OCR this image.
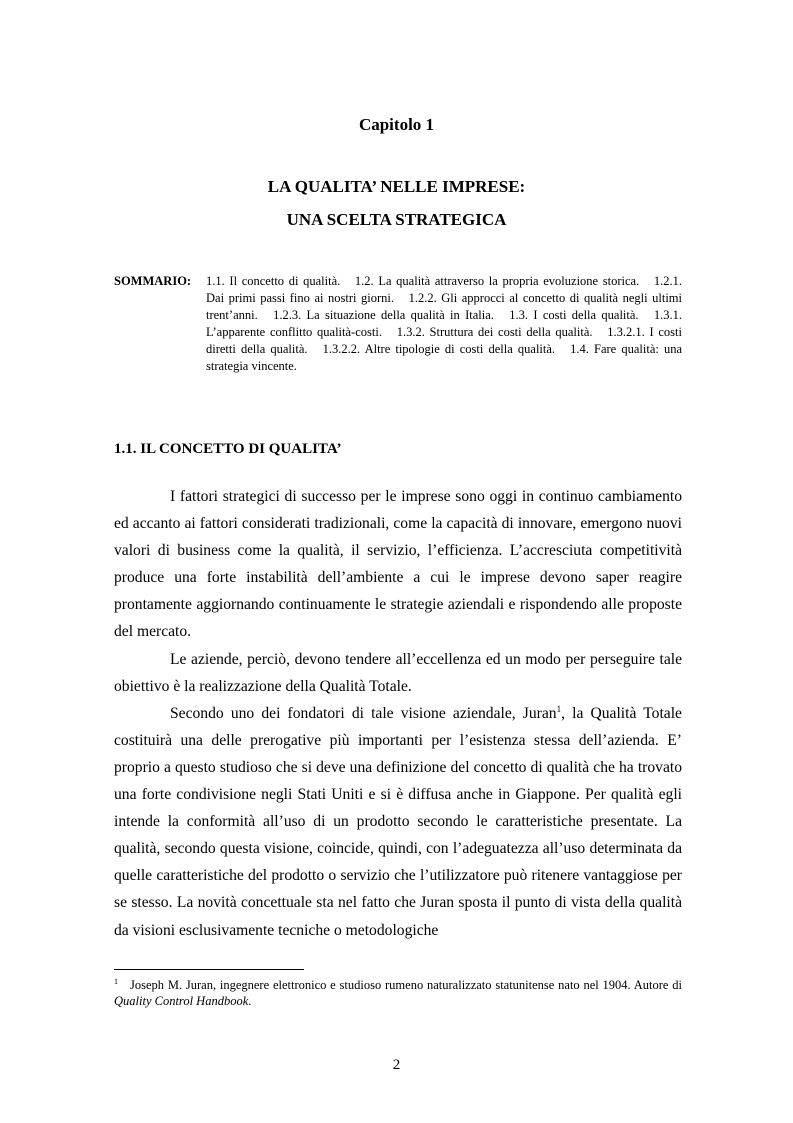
Capitolo 1
LA QUALITA’ NELLE IMPRESE:
UNA SCELTA STRATEGICA
SOMMARIO: 1.1. Il concetto di qualità. 1.2. La qualità attraverso la propria evoluzione storica. 1.2.1. Dai primi passi fino ai nostri giorni. 1.2.2. Gli approcci al concetto di qualità negli ultimi trent’anni. 1.2.3. La situazione della qualità in Italia. 1.3. I costi della qualità. 1.3.1. L’apparente conflitto qualità-costi. 1.3.2. Struttura dei costi della qualità. 1.3.2.1. I costi diretti della qualità. 1.3.2.2. Altre tipologie di costi della qualità. 1.4. Fare qualità: una strategia vincente.
1.1. IL CONCETTO DI QUALITA’

I fattori strategici di successo per le imprese sono oggi in continuo cambiamento ed accanto ai fattori considerati tradizionali, come la capacità di innovare, emergono nuovi valori di business come la qualità, il servizio, l’efficienza. L’accresciuta competitività produce una forte instabilità dell’ambiente a cui le imprese devono saper reagire prontamente aggiornando continuamente le strategie aziendali e rispondendo alle proposte del mercato.

Le aziende, perciò, devono tendere all’eccellenza ed un modo per perseguire tale obiettivo è la realizzazione della Qualità Totale.

Secondo uno dei fondatori di tale visione aziendale, Juran$^1$, la Qualità Totale costituirà una delle prerogative più importanti per l’esistenza stessa dell’azienda. E’ proprio a questo studioso che si deve una definizione del concetto di qualità che ha trovato una forte condivisione negli Stati Uniti e si è diffusa anche in Giappone. Per qualità egli intende la conformità all’uso di un prodotto secondo le caratteristiche presentate. La qualità, secondo questa visione, coincide, quindi, con l’adeguatezza all’uso determinata da quelle caratteristiche del prodotto o servizio che l’utilizzatore può ritenere vantaggiose per se stesso. La novità concettuale sta nel fatto che Juran sposta il punto di vista della qualità da visioni esclusivamente tecniche o metodologiche

$^1$ Joseph M. Juran, ingegnere elettronico e studioso rumeno naturalizzato statunitense nato nel 1904. Autore di Quality Control Handbook.
2
